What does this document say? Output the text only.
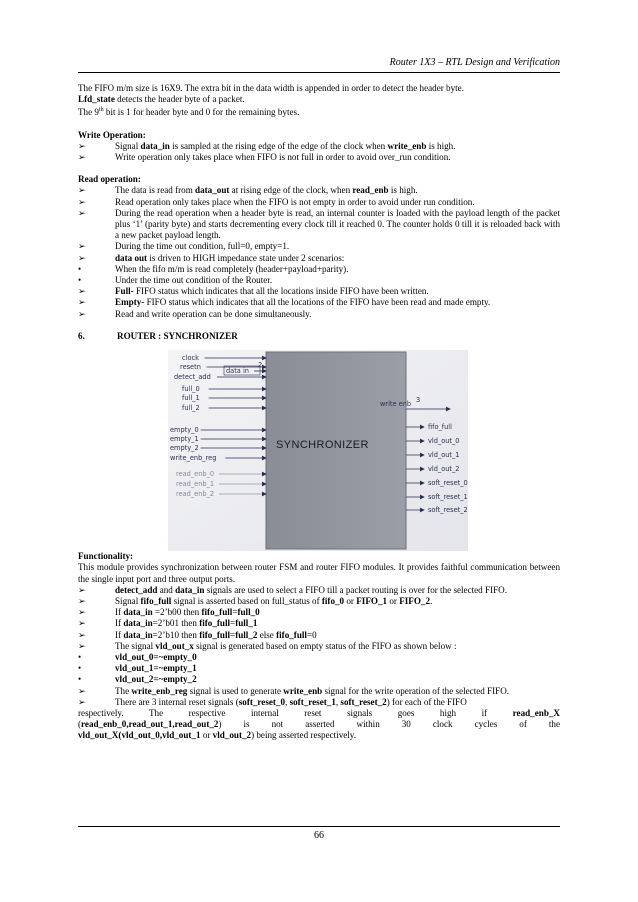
Router 1X3 – RTL Design and Verification

The FIFO m/m size is 16X9. The extra bit in the data width is appended in order to detect the header byte.

Lfd_state detects the header byte of a packet.

The 9th bit is 1 for header byte and 0 for the remaining bytes.

Write Operation:

➢	Signal data_in is sampled at the rising edge of the edge of the clock when write_enb is high.
➢	Write operation only takes place when FIFO is not full in order to avoid over_run condition.

Read operation:

➢	The data is read from data_out at rising edge of the clock, when read_enb is high.
➢	Read operation only takes place when the FIFO is not empty in order to avoid under run condition.
➢	During the read operation when a header byte is read, an internal counter is loaded with the payload length of the packet plus ‘1’ (parity byte) and starts decrementing every clock till it reached 0. The counter holds 0 till it is reloaded back with a new packet payload length.
➢	During the time out condition, full=0, empty=1.
➢	data out is driven to HIGH impedance state under 2 scenarios:
•	When the fifo m/m is read completely (header+payload+parity).
•	Under the time out condition of the Router.
➢	Full- FIFO status which indicates that all the locations inside FIFO have been written.
➢	Empty- FIFO status which indicates that all the locations of the FIFO have been read and made empty.
➢	Read and write operation can be done simultaneously.
6.	ROUTER : SYNCHRONIZER
SYNCHRONIZER
clock
resetn
detect_add
data in
full_0
full_1
full_2
empty_0
empty_1
empty_2
write_enb_reg
read_enb_0
read_enb_1
read_enb_2
2
write enb
fifo_full
vld_out_0
vld_out_1
vld_out_2
soft_reset_0
soft_reset_1
soft_reset_2
3

Functionality:

This module provides synchronization between router FSM and router FIFO modules. It provides faithful communication between the single input port and three output ports.

➢	detect_add and data_in signals are used to select a FIFO till a packet routing is over for the selected FIFO.
➢	Signal fifo_full signal is asserted based on full_status of fifo_0 or FIFO_1 or FIFO_2.
➢	If data_in =2’b00 then fifo_full=full_0
➢	If data_in=2’b01 then fifo_full=full_1
➢	If data_in=2’b10 then fifo_full=full_2 else fifo_full=0
➢	The signal vld_out_x signal is generated based on empty status of the FIFO as shown below :
•	vld_out_0=~empty_0
•	vld_out_1=~empty_1
•	vld_out_2=~empty_2
➢	The write_enb_reg signal is used to generate write_enb signal for the write operation of the selected FIFO.
➢	There are 3 internal reset signals (soft_reset_0, soft_reset_1, soft_reset_2) for each of the FIFO

respectively. The respective internal reset signals goes high if read_enb_X

(read_enb_0,read_out_1,read_out_2) is not asserted within 30 clock cycles of the

vld_out_X(vld_out_0,vld_out_1 or vld_out_2) being asserted respectively.

66
